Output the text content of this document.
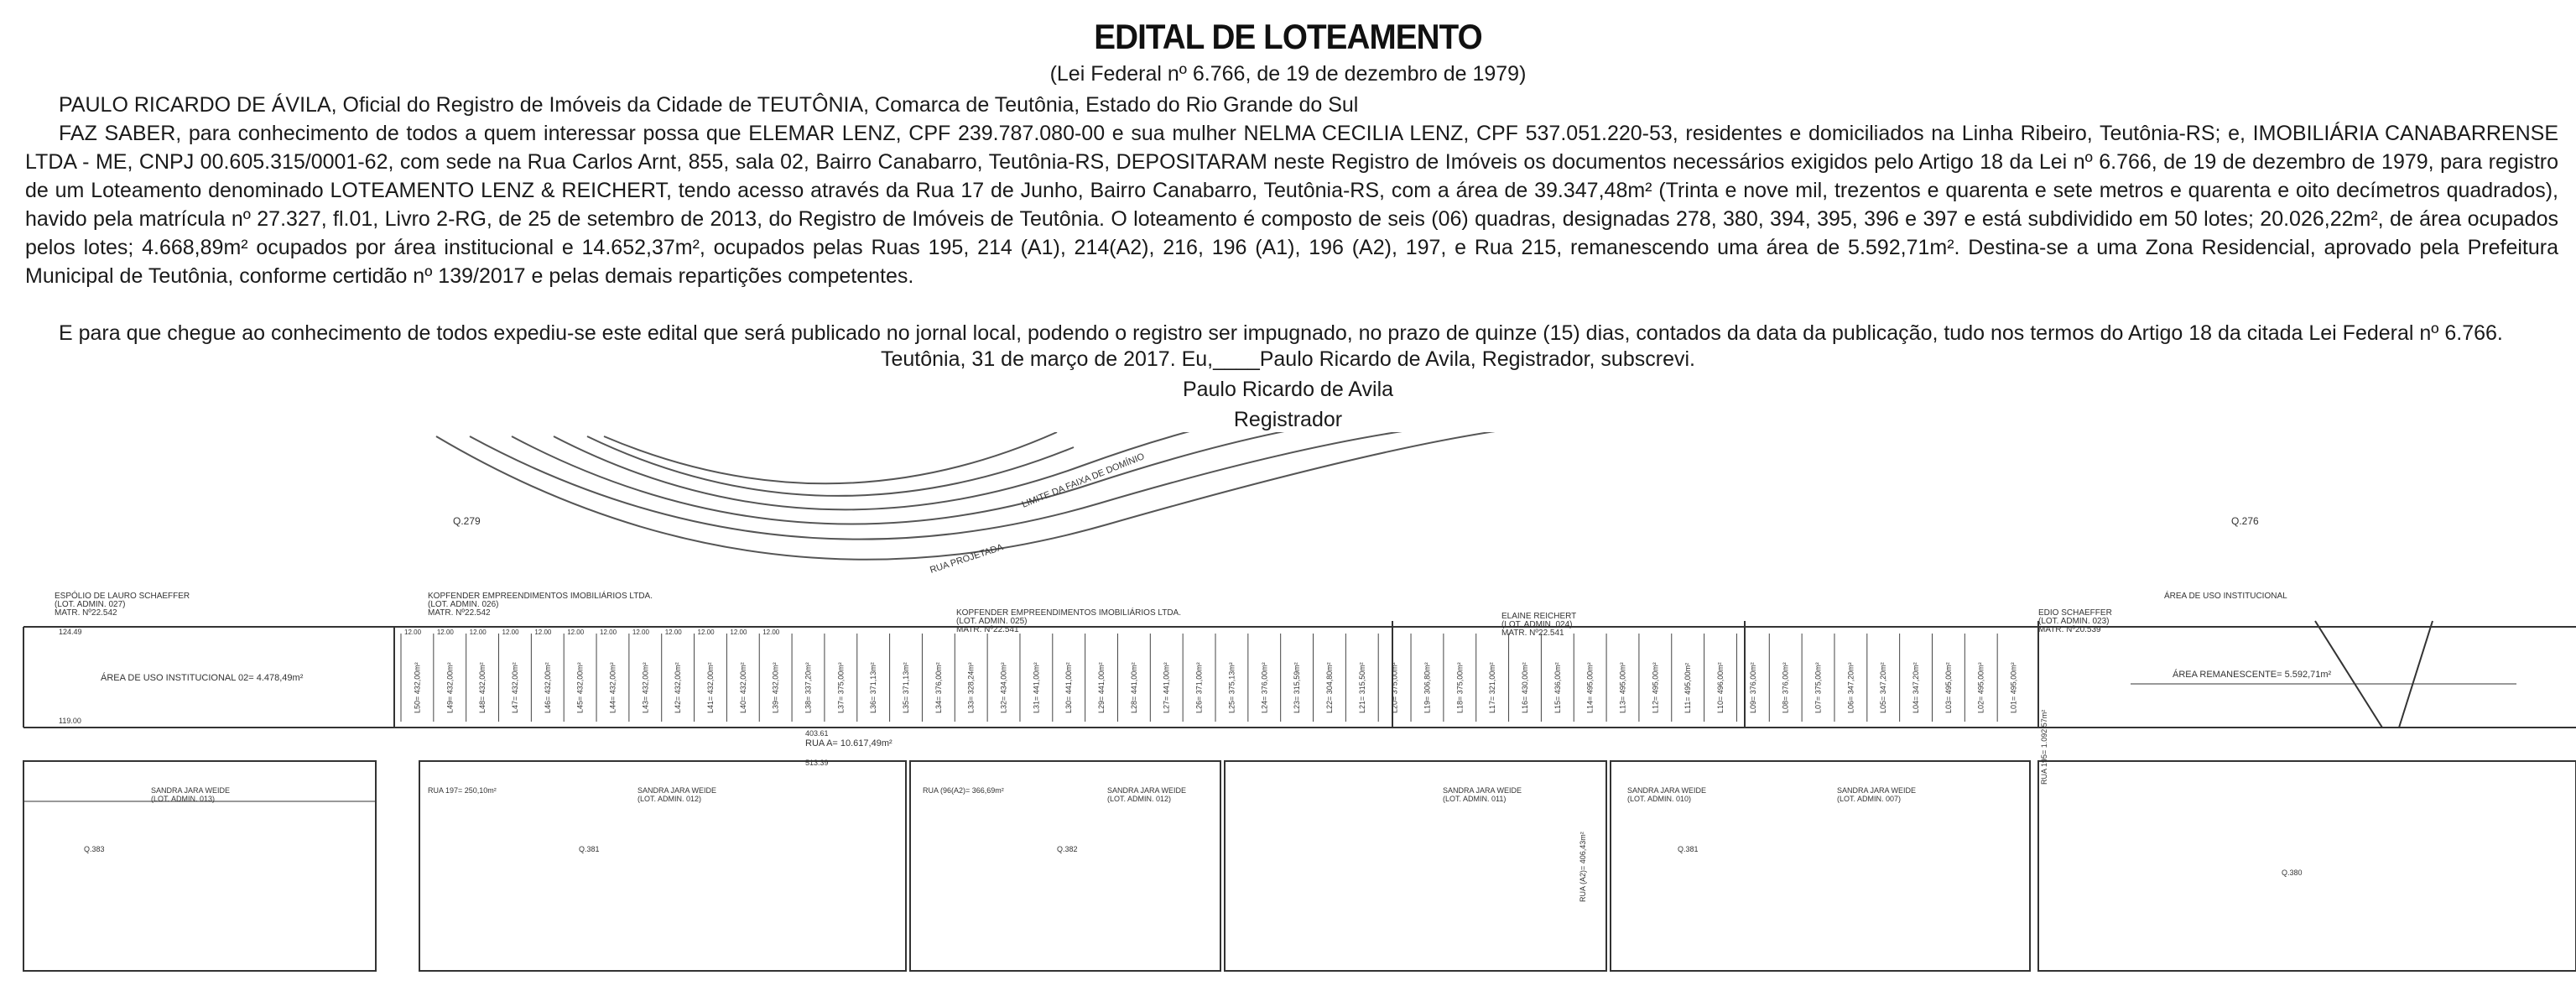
EDITAL DE LOTEAMENTO
(Lei Federal nº 6.766, de 19 de dezembro de 1979)
PAULO RICARDO DE ÁVILA, Oficial do Registro de Imóveis da Cidade de TEUTÔNIA, Comarca de Teutônia, Estado do Rio Grande do Sul
FAZ SABER, para conhecimento de todos a quem interessar possa que ELEMAR LENZ, CPF 239.787.080-00 e sua mulher NELMA CECILIA LENZ, CPF 537.051.220-53, residentes e domiciliados na Linha Ribeiro, Teutônia-RS; e, IMOBILIÁRIA CANABARRENSE LTDA - ME, CNPJ 00.605.315/0001-62, com sede na Rua Carlos Arnt, 855, sala 02, Bairro Canabarro, Teutônia-RS, DEPOSITARAM neste Registro de Imóveis os documentos necessários exigidos pelo Artigo 18 da Lei nº 6.766, de 19 de dezembro de 1979, para registro de um Loteamento denominado LOTEAMENTO LENZ & REICHERT, tendo acesso através da Rua 17 de Junho, Bairro Canabarro, Teutônia-RS, com a área de 39.347,48m² (Trinta e nove mil, trezentos e quarenta e sete metros e quarenta e oito decímetros quadrados), havido pela matrícula nº 27.327, fl.01, Livro 2-RG, de 25 de setembro de 2013, do Registro de Imóveis de Teutônia. O loteamento é composto de seis (06) quadras, designadas 278, 380, 394, 395, 396 e 397 e está subdividido em 50 lotes; 20.026,22m², de área ocupados pelos lotes; 4.668,89m² ocupados por área institucional e 14.652,37m², ocupados pelas Ruas 195, 214 (A1), 214(A2), 216, 196 (A1), 196 (A2), 197, e Rua 215, remanescendo uma área de 5.592,71m². Destina-se a uma Zona Residencial, aprovado pela Prefeitura Municipal de Teutônia, conforme certidão nº 139/2017 e pelas demais repartições competentes.
E para que chegue ao conhecimento de todos expediu-se este edital que será publicado no jornal local, podendo o registro ser impugnado, no prazo de quinze (15) dias, contados da data da publicação, tudo nos termos do Artigo 18 da citada Lei Federal nº 6.766.
Teutônia, 31 de março de 2017. Eu,____Paulo Ricardo de Avila, Registrador, subscrevi.
Paulo Ricardo de Avila
Registrador
Q.279	Q.276
LIMITE DA FAIXA DE DOMÍNIO
RUA PROJETADA
ESPÓLIO DE LAURO SCHAEFFER
(LOT. ADMIN. 027)
MATR. Nº22.542
KOPFENDER EMPREENDIMENTOS IMOBILIÁRIOS LTDA.
(LOT. ADMIN. 026)
MATR. Nº22.542	KOPFENDER EMPREENDIMENTOS IMOBILIÁRIOS LTDA.
(LOT. ADMIN. 025)
MATR. Nº22.541
ELAINE REICHERT
(LOT. ADMIN. 024)
MATR. Nº22.541
EDIO SCHAEFFER
(LOT. ADMIN. 023)
MATR. Nº20.539
ÁREA DE USO INSTITUCIONAL
ÁREA DE USO INSTITUCIONAL 02= 4.478,49m²	ÁREA REMANESCENTE= 5.592,71m²
RUA A= 10.617,49m²
RUA 197= 250,10m²	RUA (96(A2)= 366,69m²
RUA (A2)= 406,43m²
RUA 195= 1.092,57m²
124.49
119.00
403.61
513.39
SANDRA JARA WEIDE
(LOT. ADMIN. 013)
SANDRA JARA WEIDE
(LOT. ADMIN. 012)
SANDRA JARA WEIDE
(LOT. ADMIN. 012)
SANDRA JARA WEIDE
(LOT. ADMIN. 011)
SANDRA JARA WEIDE
(LOT. ADMIN. 010)
SANDRA JARA WEIDE
(LOT. ADMIN. 007)
Q.383	Q.381	Q.382	Q.381
Q.380
L50= 432,00m²	L49= 432,00m²	L48= 432,00m²	L47= 432,00m²	L46= 432,00m²	L45= 432,00m²	L44= 432,00m²	L43= 432,00m²	L42= 432,00m²	L41= 432,00m²	L40= 432,00m²	L39= 432,00m²	L38= 337,20m²	L37= 375,00m²	L36= 371,13m²	L35= 371,13m²	L34= 376,00m²	L33= 328,24m²	L32= 434,00m²	L31= 441,00m²	L30= 441,00m²	L29= 441,00m²	L28= 441,00m²	L27= 441,00m²	L26= 371,00m²	L25= 375,13m²	L24= 376,00m²	L23= 315,59m²	L22= 304,80m²	L21= 315,50m²	L20= 375,00m²	L19= 306,80m²	L18= 375,00m²	L17= 321,00m²	L16= 430,00m²	L15= 436,00m²	L14= 495,00m²	L13= 495,00m²	L12= 495,00m²	L11= 495,00m²	L10= 496,00m²	L09= 376,00m²	L08= 376,00m²	L07= 375,00m²	L06= 347,20m²	L05= 347,20m²	L04= 347,20m²	L03= 495,00m²	L02= 495,00m²	L01= 495,00m²
12.00 12.00 12.00 12.00 12.00 12.00 12.00 12.00 12.00 12.00 12.00 12.00
